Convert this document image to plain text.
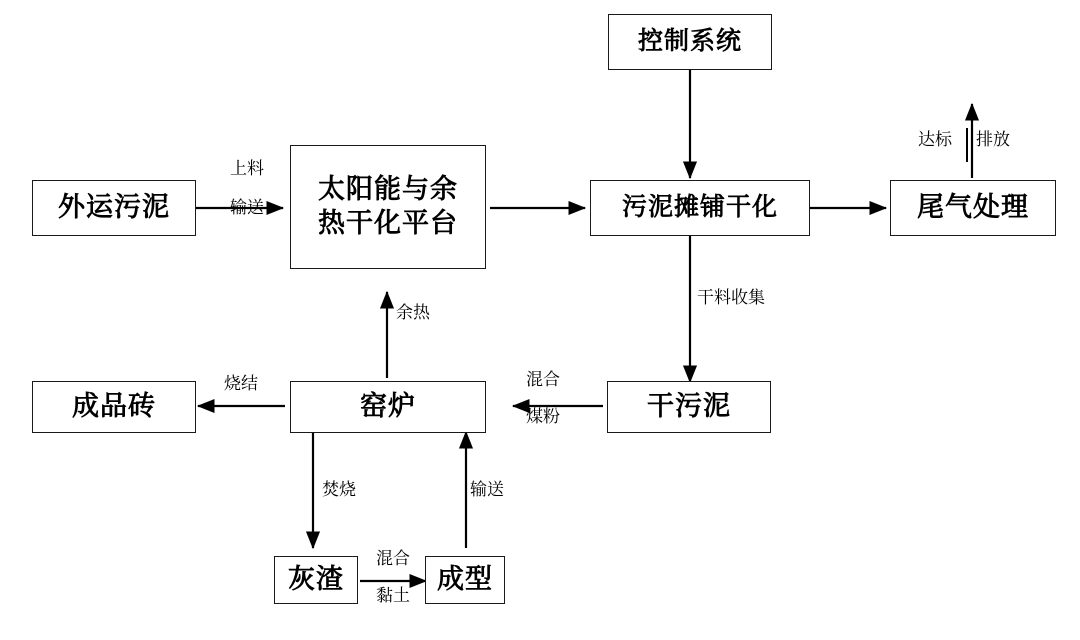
控制系统
外运污泥
太阳能与余
热干化平台
污泥摊铺干化	尾气处理
干污泥
窑炉
成品砖
灰渣	成型
上料
输送
达标 排放
干料收集
余热
烧结	混合
煤粉
焚烧	输送
混合
黏土
